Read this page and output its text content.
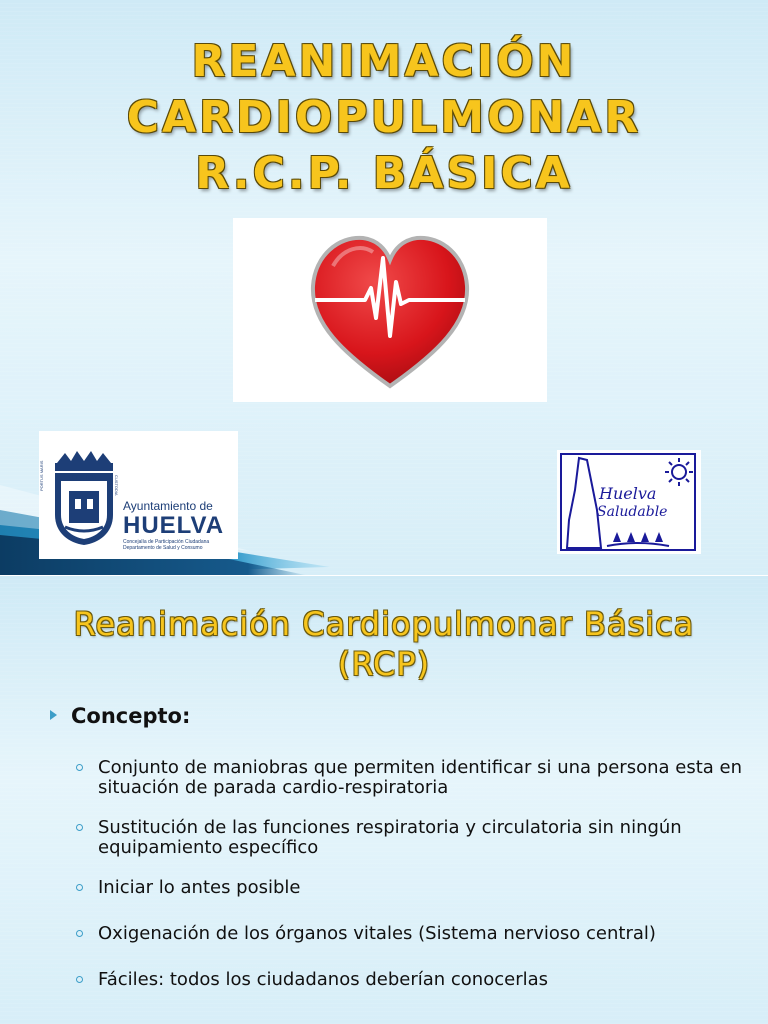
REANIMACIÓN
CARDIOPULMONAR
R.C.P. BÁSICA
ET TERRA
PORTUS MARIS	CUSTODIA
Ayuntamiento de
HUELVA
Concejalía de Participación Ciudadana
Departamento de Salud y Consumo
Huelva
Saludable
Reanimación Cardiopulmonar Básica
(RCP)
Concepto:
Conjunto de maniobras que permiten identificar si una persona esta en situación de parada cardio-respiratoria
Sustitución de las funciones respiratoria y circulatoria sin ningún equipamiento específico
Iniciar lo antes posible
Oxigenación de los órganos vitales (Sistema nervioso central)
Fáciles: todos los ciudadanos deberían conocerlas
